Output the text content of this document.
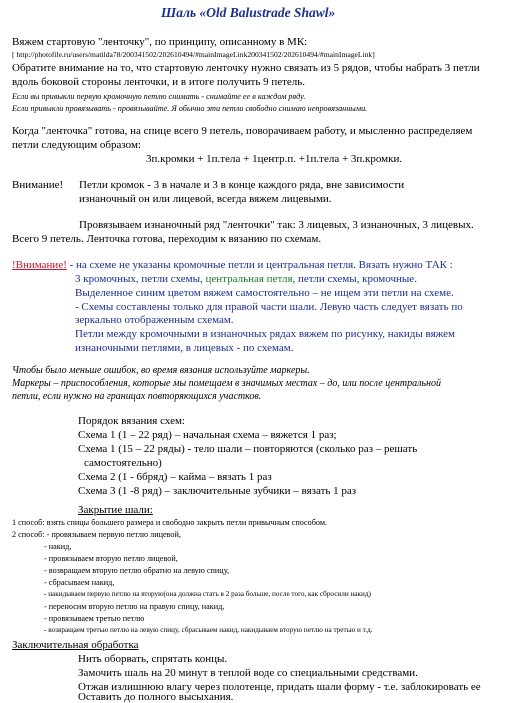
Шаль «Old Balustrade Shawl»
Вяжем стартовую "ленточку", по принципу, описанному в МК:
[ http://photofile.ru/users/matilda78/200341502/202610494/#mainImageLink200341502/202610494/#mainImageLink]
Обратите внимание на то, что стартовую ленточку нужно связать из 5 рядов, чтобы набрать 3 петли
вдоль боковой стороны ленточки, и в итоге получить 9 петель.
Если вы привыкли первую кромочную петлю снимать - снимайте ее в каждом ряду.
Если привыкли провязывать - провязывайте. Я обычно эти петли свободно снимаю непровязанными.
Когда "ленточка" готова, на спице всего 9 петель, поворачиваем работу, и мысленно распределяем
петли следующим образом:
3п.кромки + 1п.тела + 1центр.п. +1п.тела + 3п.кромки.
Внимание! Петли кромок - 3 в начале и 3 в конце каждого ряда, вне зависимости
изнаночный он или лицевой, всегда вяжем лицевыми.
Провязываем изнаночный ряд "ленточки" так: 3 лицевых, 3 изнаночных, 3 лицевых.
Всего 9 петель. Ленточка готова, переходим к вязанию по схемам.
!Внимание! - на схеме не указаны кромочные петли и центральная петля. Вязать нужно ТАК :
3 кромочных, петли схемы, центральная петля, петли схемы, кромочные.
Выделенное синим цветом вяжем самостоятельно – не ищем эти петли на схеме.
- Схемы составлены только для правой части шали. Левую часть следует вязать по
зеркально отображенным схемам.
Петли между кромочными в изнаночных рядах вяжем по рисунку, накиды вяжем
изнаночными петлями, в лицевых - по схемам.
Чтобы было меньше ошибок, во время вязания используйте маркеры.
Маркеры – приспособления, которые мы помещаем в значимых местах – до, или после центральной
петли, если нужно на границах повторяющихся участков.
Порядок вязания схем:
Схема 1 (1 – 22 ряд) – начальная схема – вяжется 1 раз;
Схема 1 (15 – 22 ряды) - тело шали – повторяются (сколько раз – решать
самостоятельно)
Схема 2 (1 - 6бряд) – кайма – вязать 1 раз
Схема 3 (1 -8 ряд) – заключительные зубчики – вязать 1 раз
Закрытие шали:
1 способ: взять спицы большего размера и свободно закрыть петли привычным способом.
2 способ: - провязываем первую петлю лицевой,
- накид,
- провязываем вторую петлю лицевой,
- возвращаем вторую петлю обратно на левую спицу,
- сбрасываем накид,
- накидываем первую петлю на вторую(она должна стать в 2 раза больше, после того, как сбросили накид)
- переносим вторую петлю на правую спицу, накид,
- провязываем третью петлю
- возвращаем третью петлю на левую спицу, сбрасываем накид, накидываем вторую петлю на третью и т.д.
Заключительная обработка
Нить оборвать, спрятать концы.
Замочить шаль на 20 минут в теплой воде со специальными средствами.
Отжав излишнюю влагу через полотенце, придать шали форму - т.е. заблокировать ее
Оставить до полного высыхания.
